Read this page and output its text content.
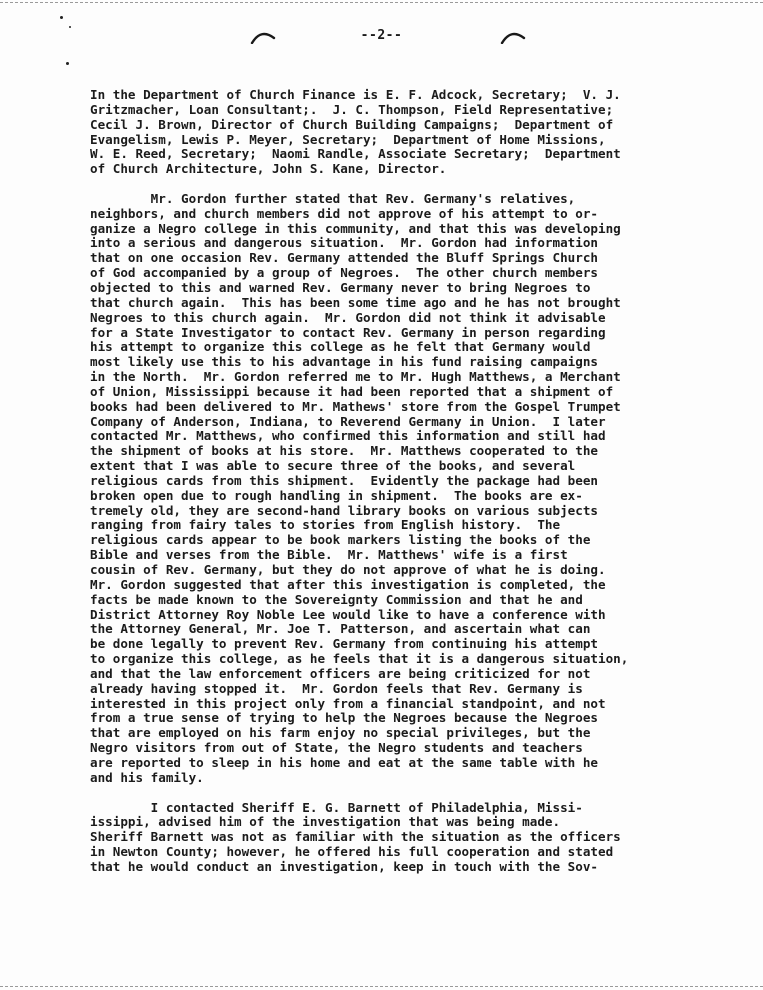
--2--
In the Department of Church Finance is E. F. Adcock, Secretary;  V. J.
Gritzmacher, Loan Consultant;.  J. C. Thompson, Field Representative;
Cecil J. Brown, Director of Church Building Campaigns;  Department of
Evangelism, Lewis P. Meyer, Secretary;  Department of Home Missions,
W. E. Reed, Secretary;  Naomi Randle, Associate Secretary;  Department
of Church Architecture, John S. Kane, Director.
Mr. Gordon further stated that Rev. Germany's relatives,
neighbors, and church members did not approve of his attempt to or-
ganize a Negro college in this community, and that this was developing
into a serious and dangerous situation.  Mr. Gordon had information
that on one occasion Rev. Germany attended the Bluff Springs Church
of God accompanied by a group of Negroes.  The other church members
objected to this and warned Rev. Germany never to bring Negroes to
that church again.  This has been some time ago and he has not brought
Negroes to this church again.  Mr. Gordon did not think it advisable
for a State Investigator to contact Rev. Germany in person regarding
his attempt to organize this college as he felt that Germany would
most likely use this to his advantage in his fund raising campaigns
in the North.  Mr. Gordon referred me to Mr. Hugh Matthews, a Merchant
of Union, Mississippi because it had been reported that a shipment of
books had been delivered to Mr. Mathews' store from the Gospel Trumpet
Company of Anderson, Indiana, to Reverend Germany in Union.  I later
contacted Mr. Matthews, who confirmed this information and still had
the shipment of books at his store.  Mr. Matthews cooperated to the
extent that I was able to secure three of the books, and several
religious cards from this shipment.  Evidently the package had been
broken open due to rough handling in shipment.  The books are ex-
tremely old, they are second-hand library books on various subjects
ranging from fairy tales to stories from English history.  The
religious cards appear to be book markers listing the books of the
Bible and verses from the Bible.  Mr. Matthews' wife is a first
cousin of Rev. Germany, but they do not approve of what he is doing.
Mr. Gordon suggested that after this investigation is completed, the
facts be made known to the Sovereignty Commission and that he and
District Attorney Roy Noble Lee would like to have a conference with
the Attorney General, Mr. Joe T. Patterson, and ascertain what can
be done legally to prevent Rev. Germany from continuing his attempt
to organize this college, as he feels that it is a dangerous situation,
and that the law enforcement officers are being criticized for not
already having stopped it.  Mr. Gordon feels that Rev. Germany is
interested in this project only from a financial standpoint, and not
from a true sense of trying to help the Negroes because the Negroes
that are employed on his farm enjoy no special privileges, but the
Negro visitors from out of State, the Negro students and teachers
are reported to sleep in his home and eat at the same table with he
and his family.
I contacted Sheriff E. G. Barnett of Philadelphia, Missi-
issippi, advised him of the investigation that was being made.
Sheriff Barnett was not as familiar with the situation as the officers
in Newton County; however, he offered his full cooperation and stated
that he would conduct an investigation, keep in touch with the Sov-
